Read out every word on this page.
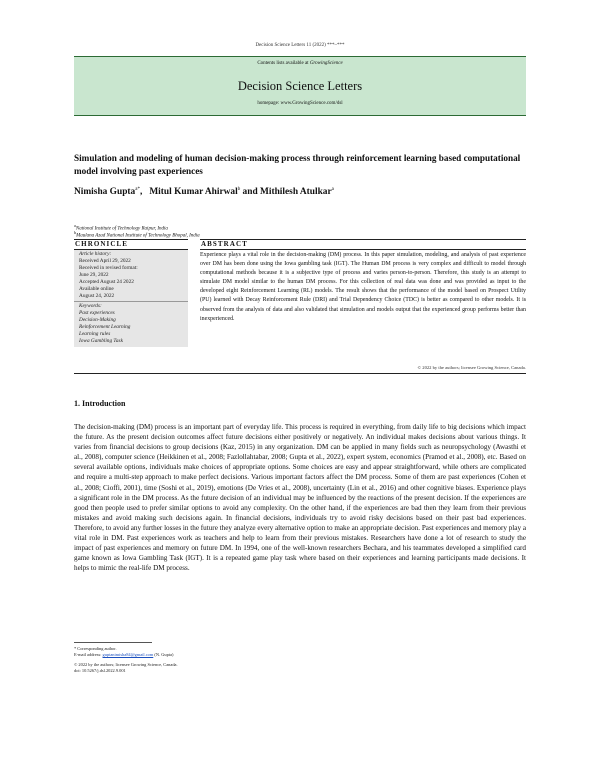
Decision Science Letters 11 (2022) ***–***
Contents lists available at GrowingScience
Decision Science Letters
homepage: www.GrowingScience.com/dsl
Simulation and modeling of human decision-making process through reinforcement learning based computational model involving past experiences
Nimisha Gupta$^{a*}$, Mitul Kumar Ahirwal$^b$ and Mithilesh Atulkar$^a$
$^a$National Institute of Technology Raipur, India
$^b$Maulana Azad National Institute of Technology Bhopal, India
CHRONICLE	ABSTRACT
Article history:
Received April 29, 2022
Received in revised format:
June 29, 2022
Accepted August 24 2022
Available online
August 24, 2022
Keywords:
Past experiences
Decision-Making
Reinforcement Learning
Learning rules
Iowa Gambling Task
Experience plays a vital role in the decision-making (DM) process. In this paper simulation, modeling, and analysis of past experience over DM has been done using the Iowa gambling task (IGT). The Human DM process is very complex and difficult to model through computational methods because it is a subjective type of process and varies person-to-person. Therefore, this study is an attempt to simulate DM model similar to the human DM process. For this collection of real data was done and was provided as input to the developed eight Reinforcement Learning (RL) models. The result shows that the performance of the model based on Prospect Utility (PU) learned with Decay Reinforcement Rule (DRI) and Trial Dependency Choice (TDC) is better as compared to other models. It is observed from the analysis of data and also validated that simulation and models output that the experienced group performs better than inexperienced.
© 2022 by the authors; licensee Growing Science, Canada.
1. Introduction
The decision-making (DM) process is an important part of everyday life. This process is required in everything, from daily life to big decisions which impact the future. As the present decision outcomes affect future decisions either positively or negatively. An individual makes decisions about various things. It varies from financial decisions to group decisions (Kaz, 2015) in any organization. DM can be applied in many fields such as neuropsychology (Awasthi et al., 2008), computer science (Heikkinen et al., 2008; Fazlollahtabar, 2008; Gupta et al., 2022), expert system, economics (Pramod et al., 2008), etc. Based on several available options, individuals make choices of appropriate options. Some choices are easy and appear straightforward, while others are complicated and require a multi-step approach to make perfect decisions. Various important factors affect the DM process. Some of them are past experiences (Cohen et al., 2008; Cioffi, 2001), time (Soshi et al., 2019), emotions (De Vries et al., 2008), uncertainty (Lin et al., 2016) and other cognitive biases. Experience plays a significant role in the DM process. As the future decision of an individual may be influenced by the reactions of the present decision. If the experiences are good then people used to prefer similar options to avoid any complexity. On the other hand, if the experiences are bad then they learn from their previous mistakes and avoid making such decisions again. In financial decisions, individuals try to avoid risky decisions based on their past bad experiences. Therefore, to avoid any further losses in the future they analyze every alternative option to make an appropriate decision. Past experiences and memory play a vital role in DM. Past experiences work as teachers and help to learn from their previous mistakes. Researchers have done a lot of research to study the impact of past experiences and memory on future DM. In 1994, one of the well-known researchers Bechara, and his teammates developed a simplified card game known as Iowa Gambling Task (IGT). It is a repeated game play task where based on their experiences and learning participants made decisions. It helps to mimic the real-life DM process.
* Corresponding author.
E-mail address: guptanimisha84@gmail.com (N. Gupta)
© 2022 by the authors; licensee Growing Science, Canada.
doi: 10.5267/j.dsl.2022.9.001
